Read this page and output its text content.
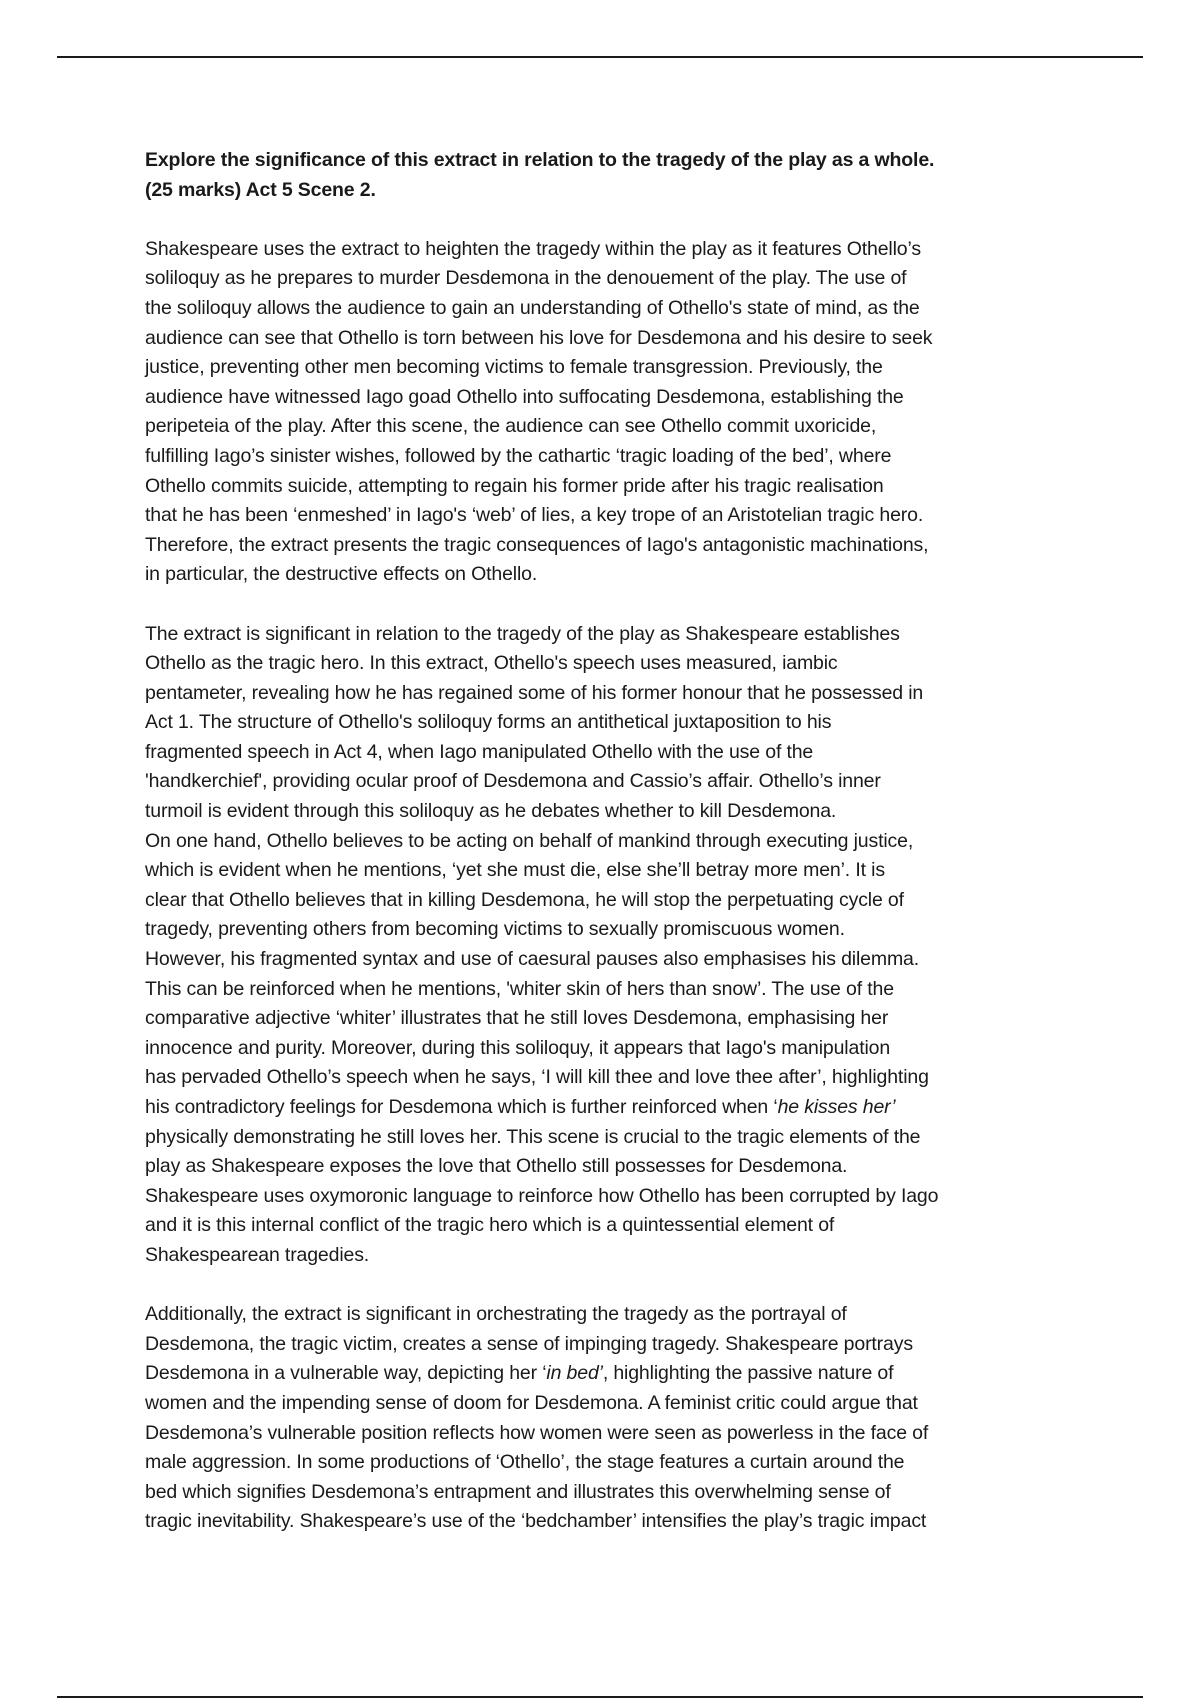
Explore the significance of this extract in relation to the tragedy of the play as a whole.
(25 marks) Act 5 Scene 2.

Shakespeare uses the extract to heighten the tragedy within the play as it features Othello’s
soliloquy as he prepares to murder Desdemona in the denouement of the play. The use of
the soliloquy allows the audience to gain an understanding of Othello's state of mind, as the
audience can see that Othello is torn between his love for Desdemona and his desire to seek
justice, preventing other men becoming victims to female transgression. Previously, the
audience have witnessed Iago goad Othello into suffocating Desdemona, establishing the
peripeteia of the play. After this scene, the audience can see Othello commit uxoricide,
fulfilling Iago’s sinister wishes, followed by the cathartic ‘tragic loading of the bed’, where
Othello commits suicide, attempting to regain his former pride after his tragic realisation
that he has been ‘enmeshed’ in Iago's ‘web’ of lies, a key trope of an Aristotelian tragic hero.
Therefore, the extract presents the tragic consequences of Iago's antagonistic machinations,
in particular, the destructive effects on Othello.

The extract is significant in relation to the tragedy of the play as Shakespeare establishes
Othello as the tragic hero. In this extract, Othello's speech uses measured, iambic
pentameter, revealing how he has regained some of his former honour that he possessed in
Act 1. The structure of Othello's soliloquy forms an antithetical juxtaposition to his
fragmented speech in Act 4, when Iago manipulated Othello with the use of the
'handkerchief', providing ocular proof of Desdemona and Cassio’s affair. Othello’s inner
turmoil is evident through this soliloquy as he debates whether to kill Desdemona.

On one hand, Othello believes to be acting on behalf of mankind through executing justice,
which is evident when he mentions, ‘yet she must die, else she’ll betray more men’. It is
clear that Othello believes that in killing Desdemona, he will stop the perpetuating cycle of
tragedy, preventing others from becoming victims to sexually promiscuous women.
However, his fragmented syntax and use of caesural pauses also emphasises his dilemma.
This can be reinforced when he mentions, 'whiter skin of hers than snow’. The use of the
comparative adjective ‘whiter’ illustrates that he still loves Desdemona, emphasising her
innocence and purity. Moreover, during this soliloquy, it appears that Iago's manipulation
has pervaded Othello’s speech when he says, ‘I will kill thee and love thee after’, highlighting
his contradictory feelings for Desdemona which is further reinforced when ‘he kisses her’
physically demonstrating he still loves her. This scene is crucial to the tragic elements of the
play as Shakespeare exposes the love that Othello still possesses for Desdemona.
Shakespeare uses oxymoronic language to reinforce how Othello has been corrupted by Iago
and it is this internal conflict of the tragic hero which is a quintessential element of
Shakespearean tragedies.

Additionally, the extract is significant in orchestrating the tragedy as the portrayal of
Desdemona, the tragic victim, creates a sense of impinging tragedy. Shakespeare portrays
Desdemona in a vulnerable way, depicting her ‘in bed’, highlighting the passive nature of
women and the impending sense of doom for Desdemona. A feminist critic could argue that
Desdemona’s vulnerable position reflects how women were seen as powerless in the face of
male aggression. In some productions of ‘Othello’, the stage features a curtain around the
bed which signifies Desdemona’s entrapment and illustrates this overwhelming sense of
tragic inevitability. Shakespeare’s use of the ‘bedchamber’ intensifies the play’s tragic impact
